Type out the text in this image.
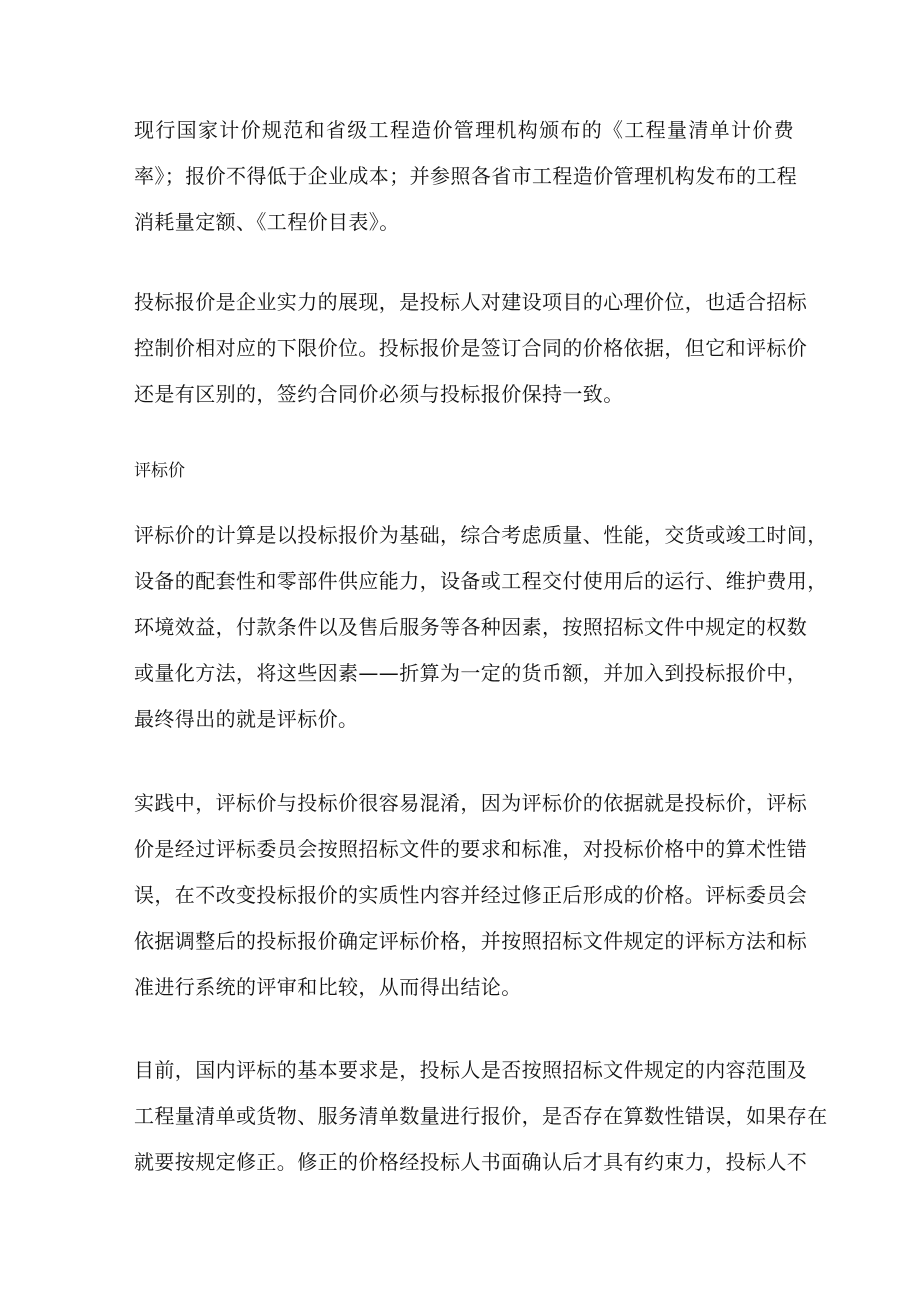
现行国家计价规范和省级工程造价管理机构颁布的《工程量清单计价费
率》；报价不得低于企业成本；并参照各省市工程造价管理机构发布的工程
消耗量定额、《工程价目表》。

投标报价是企业实力的展现，是投标人对建设项目的心理价位，也适合招标
控制价相对应的下限价位。投标报价是签订合同的价格依据，但它和评标价
还是有区别的，签约合同价必须与投标报价保持一致。

评标价

评标价的计算是以投标报价为基础，综合考虑质量、性能，交货或竣工时间，
设备的配套性和零部件供应能力，设备或工程交付使用后的运行、维护费用，
环境效益，付款条件以及售后服务等各种因素，按照招标文件中规定的权数
或量化方法，将这些因素——折算为一定的货币额，并加入到投标报价中，
最终得出的就是评标价。

实践中，评标价与投标价很容易混淆，因为评标价的依据就是投标价，评标
价是经过评标委员会按照招标文件的要求和标准，对投标价格中的算术性错
误，在不改变投标报价的实质性内容并经过修正后形成的价格。评标委员会
依据调整后的投标报价确定评标价格，并按照招标文件规定的评标方法和标
准进行系统的评审和比较，从而得出结论。

目前，国内评标的基本要求是，投标人是否按照招标文件规定的内容范围及
工程量清单或货物、服务清单数量进行报价，是否存在算数性错误，如果存在
就要按规定修正。修正的价格经投标人书面确认后才具有约束力，投标人不
